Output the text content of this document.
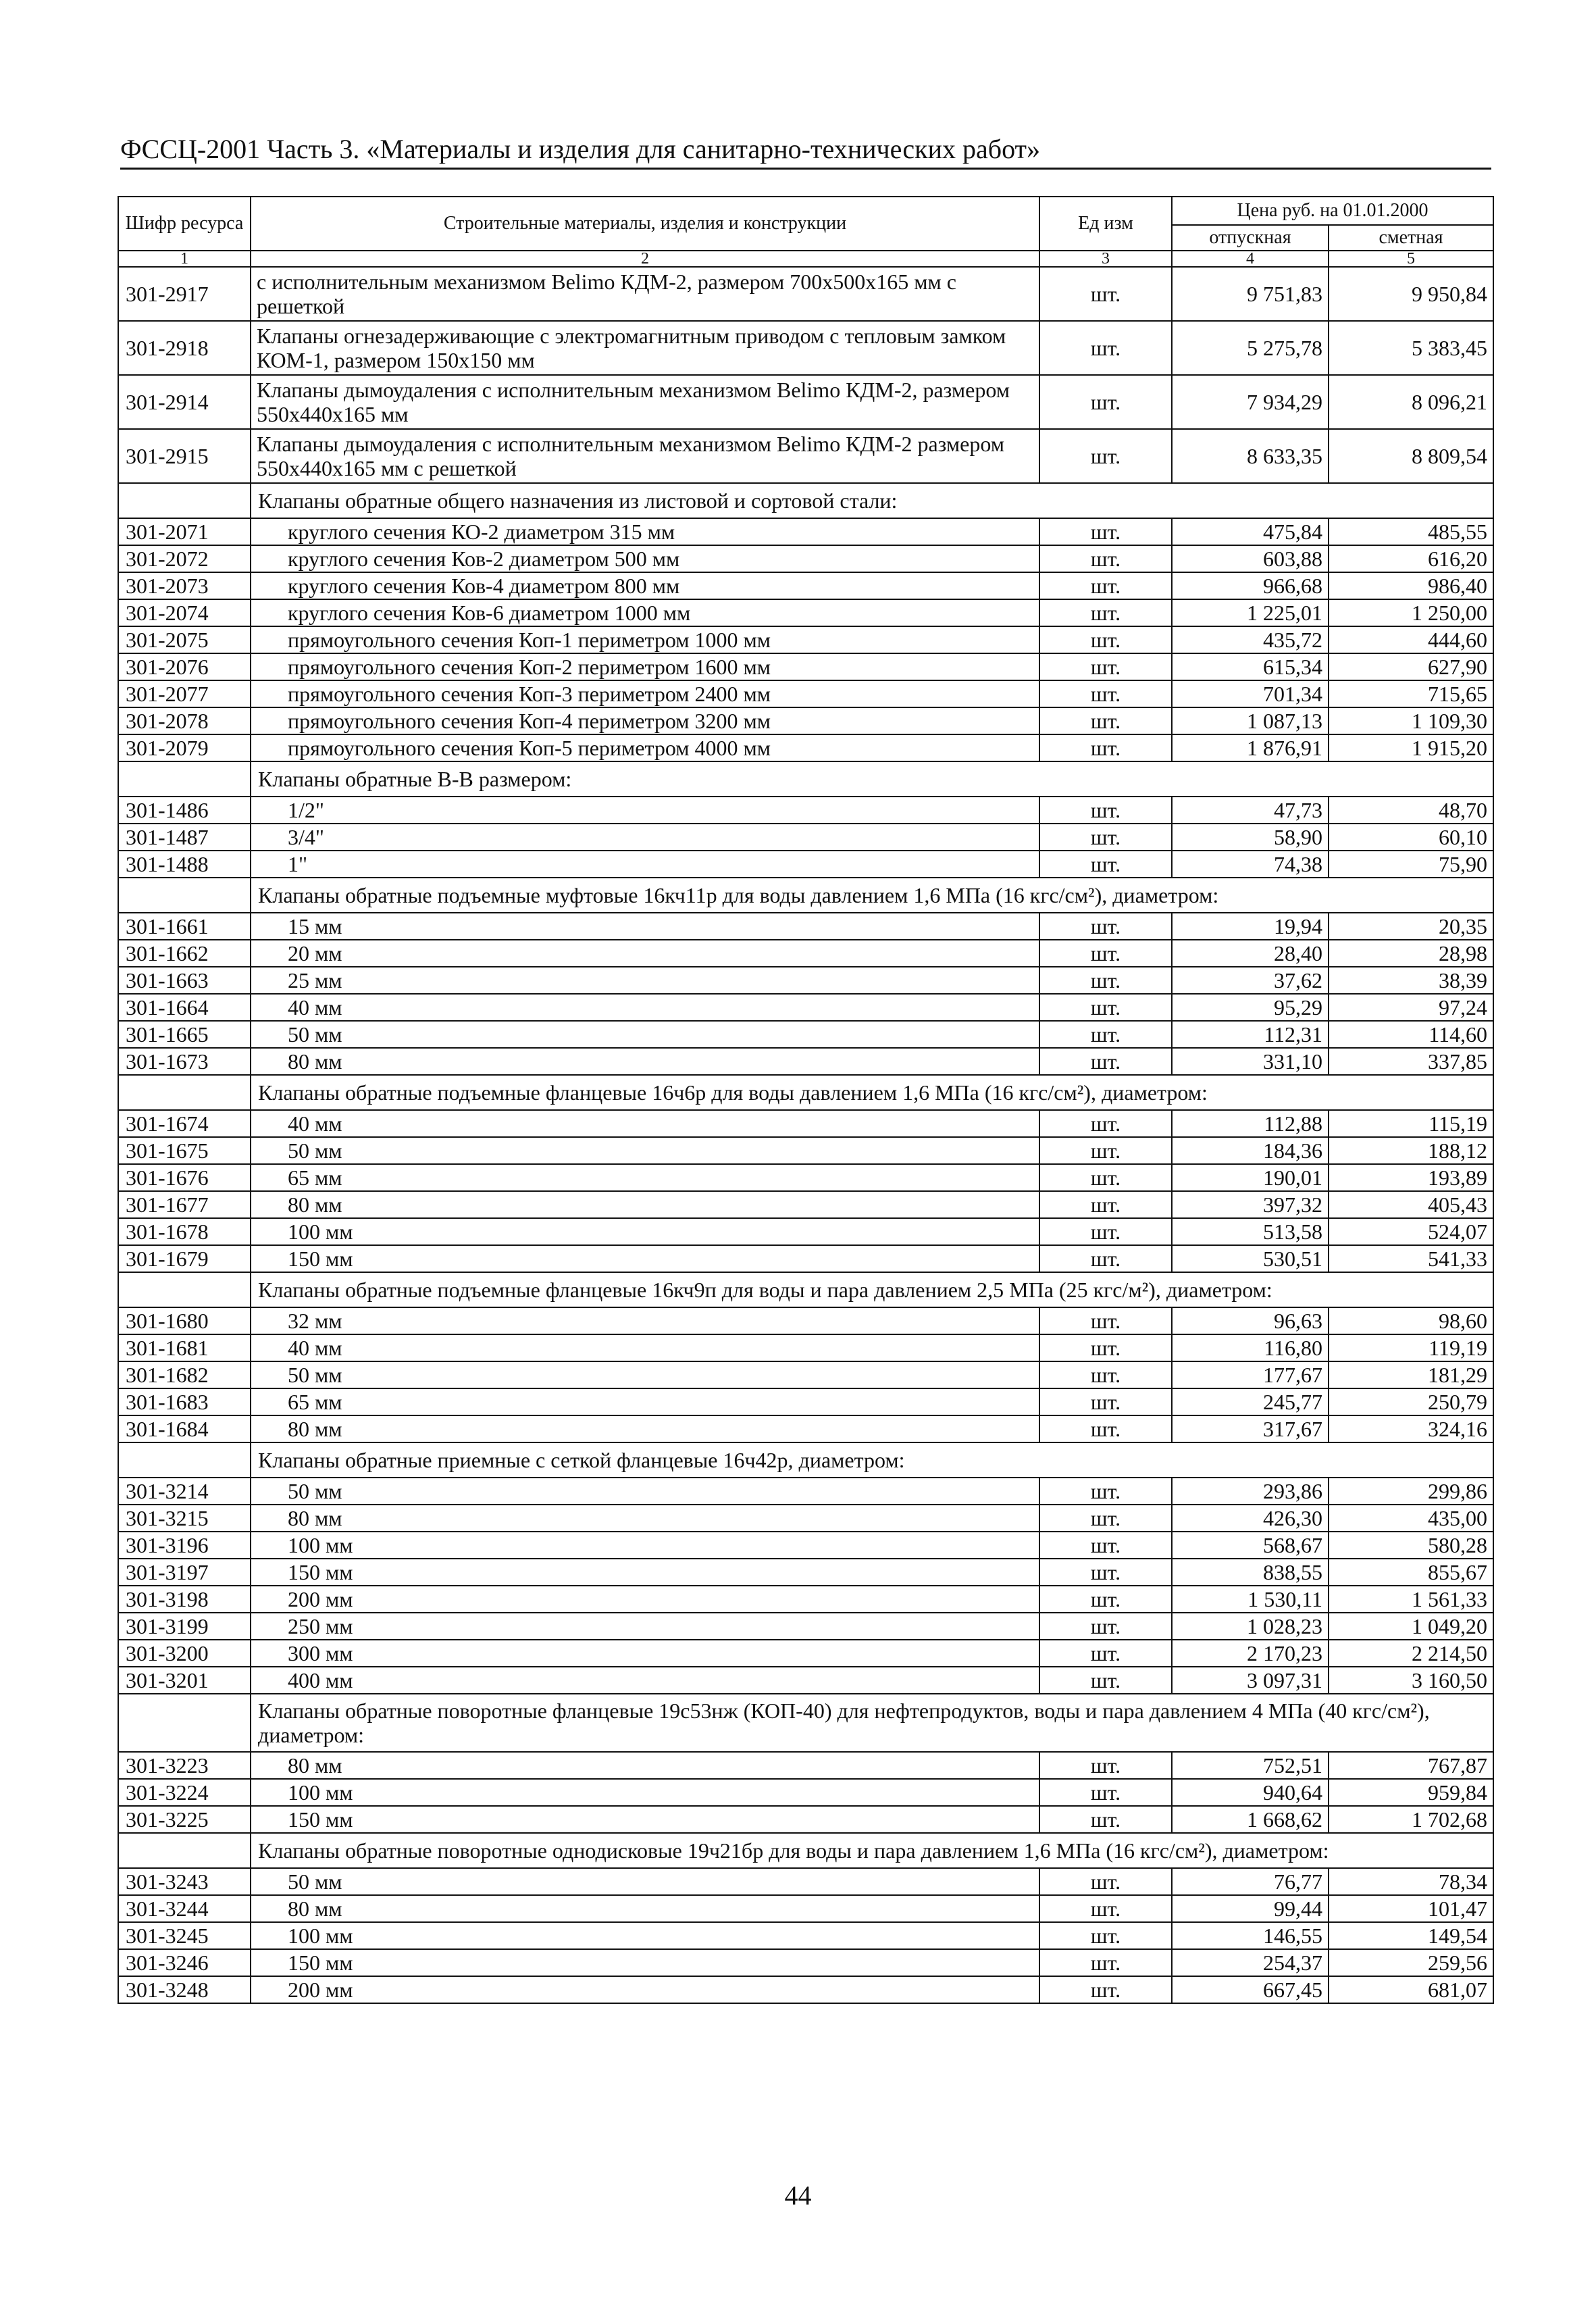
ФССЦ-2001 Часть 3. «Материалы и изделия для санитарно-технических работ»
Шифр ресурса	Строительные материалы, изделия и конструкции	Ед изм	Цена руб. на 01.01.2000	
			отпускная	сметная
1	2	3	4	5
301-2917	с исполнительным механизмом Belimo КДМ-2, размером 700x500x165 мм с решеткой	шт.	9 751,83	9 950,84
301-2918	Клапаны огнезадерживающие с электромагнитным приводом с тепловым замком КОМ-1, размером 150x150 мм	шт.	5 275,78	5 383,45
301-2914	Клапаны дымоудаления с исполнительным механизмом Belimo КДМ-2, размером 550x440x165 мм	шт.	7 934,29	8 096,21
301-2915	Клапаны дымоудаления с исполнительным механизмом Belimo КДМ-2 размером 550x440x165 мм с решеткой	шт.	8 633,35	8 809,54
	Клапаны обратные общего назначения из листовой и сортовой стали:			
301-2071	круглого сечения КО-2 диаметром 315 мм	шт.	475,84	485,55
301-2072	круглого сечения Ков-2 диаметром 500 мм	шт.	603,88	616,20
301-2073	круглого сечения Ков-4 диаметром 800 мм	шт.	966,68	986,40
301-2074	круглого сечения Ков-6 диаметром 1000 мм	шт.	1 225,01	1 250,00
301-2075	прямоугольного сечения Коп-1 периметром 1000 мм	шт.	435,72	444,60
301-2076	прямоугольного сечения Коп-2 периметром 1600 мм	шт.	615,34	627,90
301-2077	прямоугольного сечения Коп-3 периметром 2400 мм	шт.	701,34	715,65
301-2078	прямоугольного сечения Коп-4 периметром 3200 мм	шт.	1 087,13	1 109,30
301-2079	прямоугольного сечения Коп-5 периметром 4000 мм	шт.	1 876,91	1 915,20
	Клапаны обратные В-В размером:			
301-1486	1/2"	шт.	47,73	48,70
301-1487	3/4"	шт.	58,90	60,10
301-1488	1"	шт.	74,38	75,90
	Клапаны обратные подъемные муфтовые 16кч11р для воды давлением 1,6 МПа (16 кгс/см²), диаметром:			
301-1661	15 мм	шт.	19,94	20,35
301-1662	20 мм	шт.	28,40	28,98
301-1663	25 мм	шт.	37,62	38,39
301-1664	40 мм	шт.	95,29	97,24
301-1665	50 мм	шт.	112,31	114,60
301-1673	80 мм	шт.	331,10	337,85
	Клапаны обратные подъемные фланцевые 16ч6р для воды давлением 1,6 МПа (16 кгс/см²), диаметром:			
301-1674	40 мм	шт.	112,88	115,19
301-1675	50 мм	шт.	184,36	188,12
301-1676	65 мм	шт.	190,01	193,89
301-1677	80 мм	шт.	397,32	405,43
301-1678	100 мм	шт.	513,58	524,07
301-1679	150 мм	шт.	530,51	541,33
	Клапаны обратные подъемные фланцевые 16кч9п для воды и пара давлением 2,5 МПа (25 кгс/м²), диаметром:			
301-1680	32 мм	шт.	96,63	98,60
301-1681	40 мм	шт.	116,80	119,19
301-1682	50 мм	шт.	177,67	181,29
301-1683	65 мм	шт.	245,77	250,79
301-1684	80 мм	шт.	317,67	324,16
	Клапаны обратные приемные с сеткой фланцевые 16ч42р, диаметром:			
301-3214	50 мм	шт.	293,86	299,86
301-3215	80 мм	шт.	426,30	435,00
301-3196	100 мм	шт.	568,67	580,28
301-3197	150 мм	шт.	838,55	855,67
301-3198	200 мм	шт.	1 530,11	1 561,33
301-3199	250 мм	шт.	1 028,23	1 049,20
301-3200	300 мм	шт.	2 170,23	2 214,50
301-3201	400 мм	шт.	3 097,31	3 160,50
	Клапаны обратные поворотные фланцевые 19с53нж (КОП-40) для нефтепродуктов, воды и пара давлением 4 МПа (40 кгс/см²), диаметром:			
301-3223	80 мм	шт.	752,51	767,87
301-3224	100 мм	шт.	940,64	959,84
301-3225	150 мм	шт.	1 668,62	1 702,68
	Клапаны обратные поворотные однодисковые 19ч21бр для воды и пара давлением 1,6 МПа (16 кгс/см²), диаметром:			
301-3243	50 мм	шт.	76,77	78,34
301-3244	80 мм	шт.	99,44	101,47
301-3245	100 мм	шт.	146,55	149,54
301-3246	150 мм	шт.	254,37	259,56
301-3248	200 мм	шт.	667,45	681,07
44
